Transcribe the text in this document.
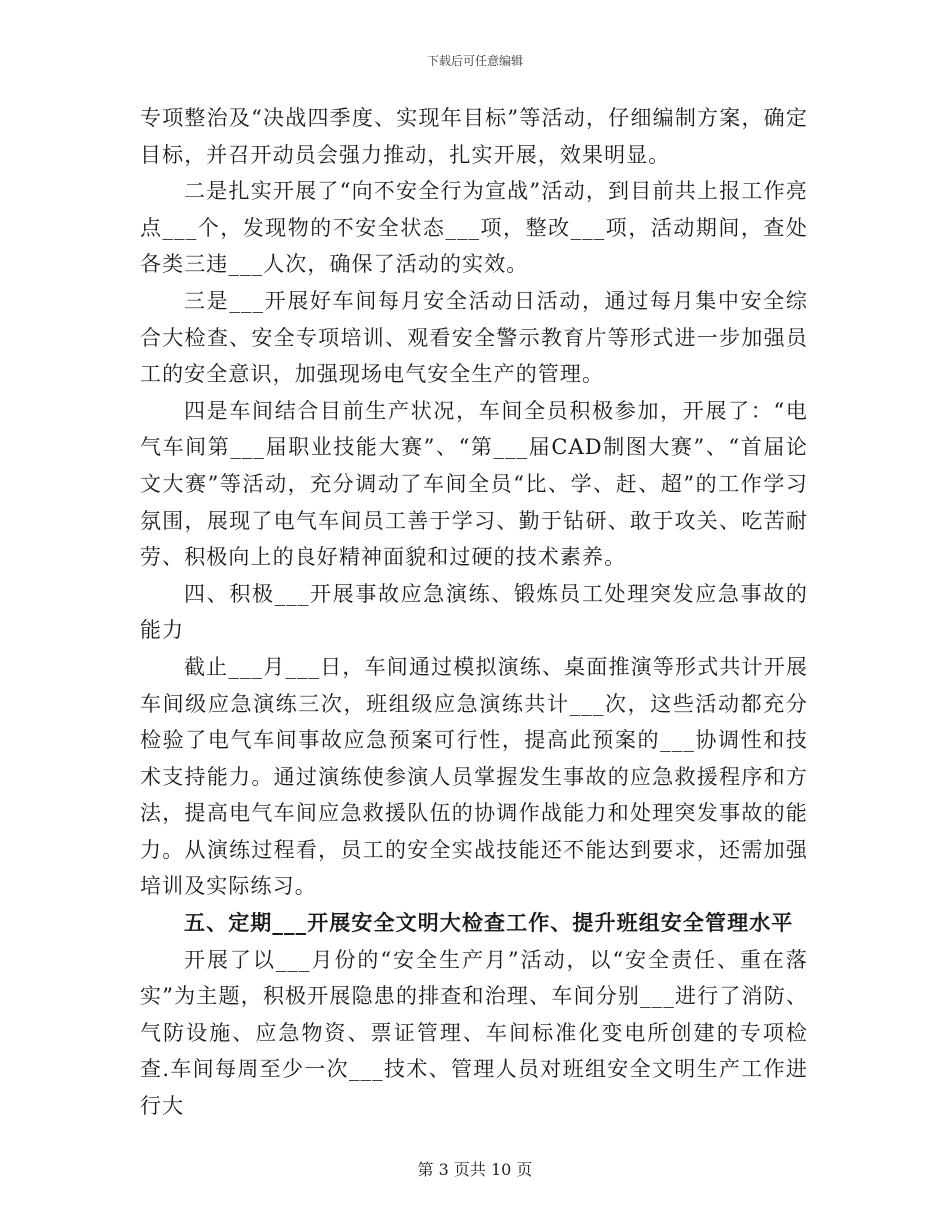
下载后可任意编辑

专项整治及“决战四季度、实现年目标”等活动，仔细编制方案，确定目标，并召开动员会强力推动，扎实开展，效果明显。

二是扎实开展了“向不安全行为宣战”活动，到目前共上报工作亮点___个，发现物的不安全状态___项，整改___项，活动期间，查处各类三违___人次，确保了活动的实效。

三是___开展好车间每月安全活动日活动，通过每月集中安全综合大检查、安全专项培训、观看安全警示教育片等形式进一步加强员工的安全意识，加强现场电气安全生产的管理。

四是车间结合目前生产状况，车间全员积极参加，开展了：“电气车间第___届职业技能大赛”、“第___届CAD制图大赛”、“首届论文大赛”等活动，充分调动了车间全员“比、学、赶、超”的工作学习氛围，展现了电气车间员工善于学习、勤于钻研、敢于攻关、吃苦耐劳、积极向上的良好精神面貌和过硬的技术素养。

四、积极___开展事故应急演练、锻炼员工处理突发应急事故的能力

截止___月___日，车间通过模拟演练、桌面推演等形式共计开展车间级应急演练三次，班组级应急演练共计___次，这些活动都充分检验了电气车间事故应急预案可行性，提高此预案的___协调性和技术支持能力。通过演练使参演人员掌握发生事故的应急救援程序和方法，提高电气车间应急救援队伍的协调作战能力和处理突发事故的能力。从演练过程看，员工的安全实战技能还不能达到要求，还需加强培训及实际练习。

五、定期___开展安全文明大检查工作、提升班组安全管理水平

开展了以___月份的“安全生产月”活动，以“安全责任、重在落实”为主题，积极开展隐患的排查和治理、车间分别___进行了消防、气防设施、应急物资、票证管理、车间标准化变电所创建的专项检查.车间每周至少一次___技术、管理人员对班组安全文明生产工作进行大

第 3 页共 10 页
